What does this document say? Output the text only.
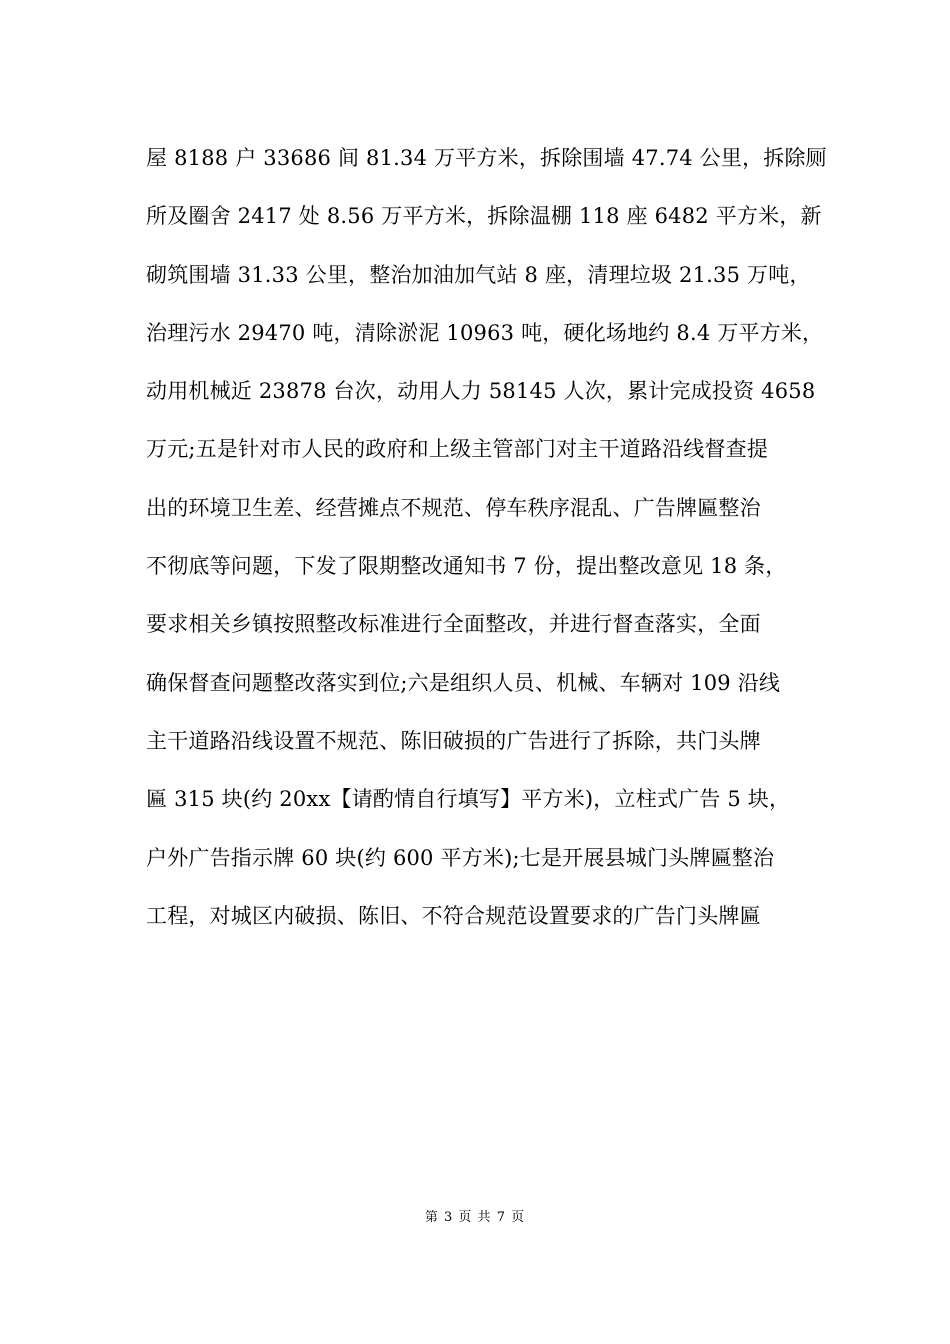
屋 8188 户 33686 间 81.34 万平方米，拆除围墙 47.74 公里，拆除厕
所及圈舍 2417 处 8.56 万平方米，拆除温棚 118 座 6482 平方米，新
砌筑围墙 31.33 公里，整治加油加气站 8 座，清理垃圾 21.35 万吨，
治理污水 29470 吨，清除淤泥 10963 吨，硬化场地约 8.4 万平方米，
动用机械近 23878 台次，动用人力 58145 人次，累计完成投资 4658
万元;五是针对市人民的政府和上级主管部门对主干道路沿线督查提
出的环境卫生差、经营摊点不规范、停车秩序混乱、广告牌匾整治
不彻底等问题，下发了限期整改通知书 7 份，提出整改意见 18 条，
要求相关乡镇按照整改标准进行全面整改，并进行督查落实，全面
确保督查问题整改落实到位;六是组织人员、机械、车辆对 109 沿线
主干道路沿线设置不规范、陈旧破损的广告进行了拆除，共门头牌
匾 315 块(约 20xx【请酌情自行填写】平方米)，立柱式广告 5 块，
户外广告指示牌 60 块(约 600 平方米);七是开展县城门头牌匾整治
工程，对城区内破损、陈旧、不符合规范设置要求的广告门头牌匾
第 3 页 共 7 页
